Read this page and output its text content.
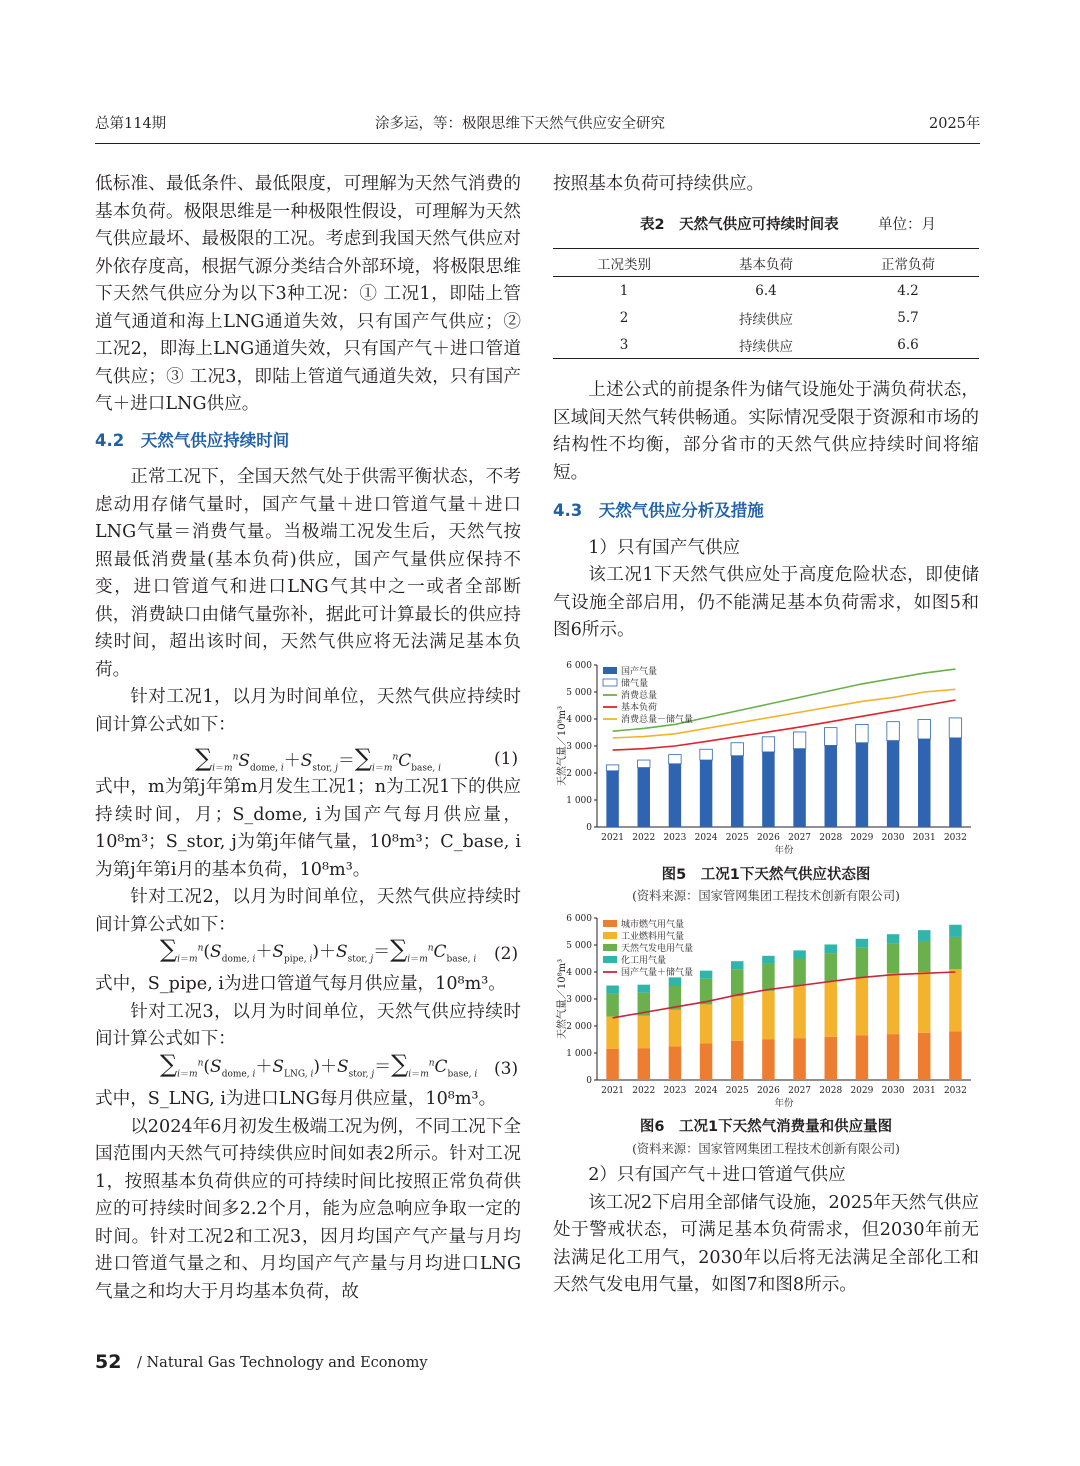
总第114期	涂多运，等：极限思维下天然气供应安全研究	2025年

低标准、最低条件、最低限度，可理解为天然气消费的基本负荷。极限思维是一种极限性假设，可理解为天然气供应最坏、最极限的工况。考虑到我国天然气供应对外依存度高，根据气源分类结合外部环境，将极限思维下天然气供应分为以下3种工况：① 工况1，即陆上管道气通道和海上LNG通道失效，只有国产气供应；② 工况2，即海上LNG通道失效，只有国产气＋进口管道气供应；③ 工况3，即陆上管道气通道失效，只有国产气＋进口LNG供应。

4.2　天然气供应持续时间

正常工况下，全国天然气处于供需平衡状态，不考虑动用存储气量时，国产气量＋进口管道气量＋进口LNG气量＝消费气量。当极端工况发生后，天然气按照最低消费量(基本负荷)供应，国产气量供应保持不变，进口管道气和进口LNG气其中之一或者全部断供，消费缺口由储气量弥补，据此可计算最长的供应持续时间，超出该时间，天然气供应将无法满足基本负荷。

针对工况1，以月为时间单位，天然气供应持续时间计算公式如下：

$\sum_{i=m}^nS_{dome, i}+S_{stor, j}=\sum_{i=m}^nC_{base, i}$	(1)

式中，m为第j年第m月发生工况1；n为工况1下的供应持续时间，月；S_dome, i为国产气每月供应量，10⁸m³；S_stor, j为第j年储气量，10⁸m³；C_base, i为第j年第i月的基本负荷，10⁸m³。

针对工况2，以月为时间单位，天然气供应持续时间计算公式如下：

$\sum_{i=m}^n(S_{dome, i}+S_{pipe, i})+S_{stor, j}=\sum_{i=m}^nC_{base, i}$ (2)

式中，S_pipe, i为进口管道气每月供应量，10⁸m³。

针对工况3，以月为时间单位，天然气供应持续时间计算公式如下：

$\sum_{i=m}^n(S_{dome, i}+S_{LNG, i})+S_{stor, j}=\sum_{i=m}^nC_{base, i}$ (3)

式中，S_LNG, i为进口LNG每月供应量，10⁸m³。

以2024年6月初发生极端工况为例，不同工况下全国范围内天然气可持续供应时间如表2所示。针对工况1，按照基本负荷供应的可持续时间比按照正常负荷供应的可持续时间多2.2个月，能为应急响应争取一定的时间。针对工况2和工况3，因月均国产气产量与月均进口管道气量之和、月均国产气产量与月均进口LNG气量之和均大于月均基本负荷，故

按照基本负荷可持续供应。

表2　天然气供应可持续时间表	单位：月
工况类别	基本负荷	正常负荷
1	6.4	4.2
2	持续供应	5.7
3	持续供应	6.6

上述公式的前提条件为储气设施处于满负荷状态，区域间天然气转供畅通。实际情况受限于资源和市场的结构性不均衡，部分省市的天然气供应持续时间将缩短。

4.3　天然气供应分析及措施

1）只有国产气供应

该工况1下天然气供应处于高度危险状态，即使储气设施全部启用，仍不能满足基本负荷需求，如图5和图6所示。

0
1 000
2 000
3 000
4 000
5 000
6 000
天然气量／10⁸m³
2021 2022 2023 2024 2025 2026 2027 2028 2029 2030 2031 2032
年份
国产气量
储气量
消费总量
基本负荷
消费总量－储气量
图5　工况1下天然气供应状态图
(资料来源：国家管网集团工程技术创新有限公司)
0
1 000
2 000
3 000
4 000
5 000
6 000
天然气量／10⁸m³
2021 2022 2023 2024 2025 2026 2027 2028 2029 2030 2031 2032
年份
城市燃气用气量
工业燃料用气量
天然气发电用气量
化工用气量
国产气量＋储气量
图6　工况1下天然气消费量和供应量图
(资料来源：国家管网集团工程技术创新有限公司)

2）只有国产气＋进口管道气供应

该工况2下启用全部储气设施，2025年天然气供应处于警戒状态，可满足基本负荷需求，但2030年前无法满足化工用气，2030年以后将无法满足全部化工和天然气发电用气量，如图7和图8所示。

52 / Natural Gas Technology and Economy
